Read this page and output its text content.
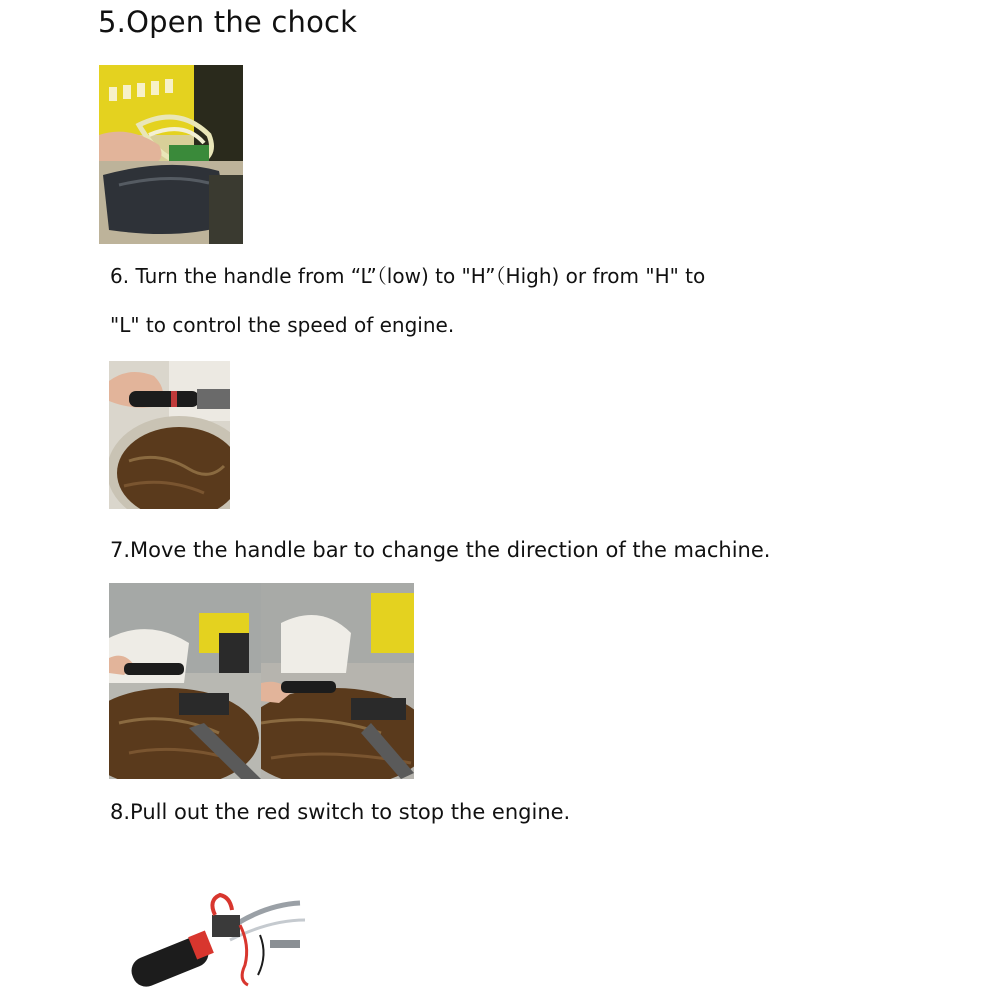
5.Open the chock
6. Turn the handle from “L”（low) to "H”（High) or from "H" to
"L" to control the speed of engine.
7.Move the handle bar to change the direction of the machine.
8.Pull out the red switch to stop the engine.
